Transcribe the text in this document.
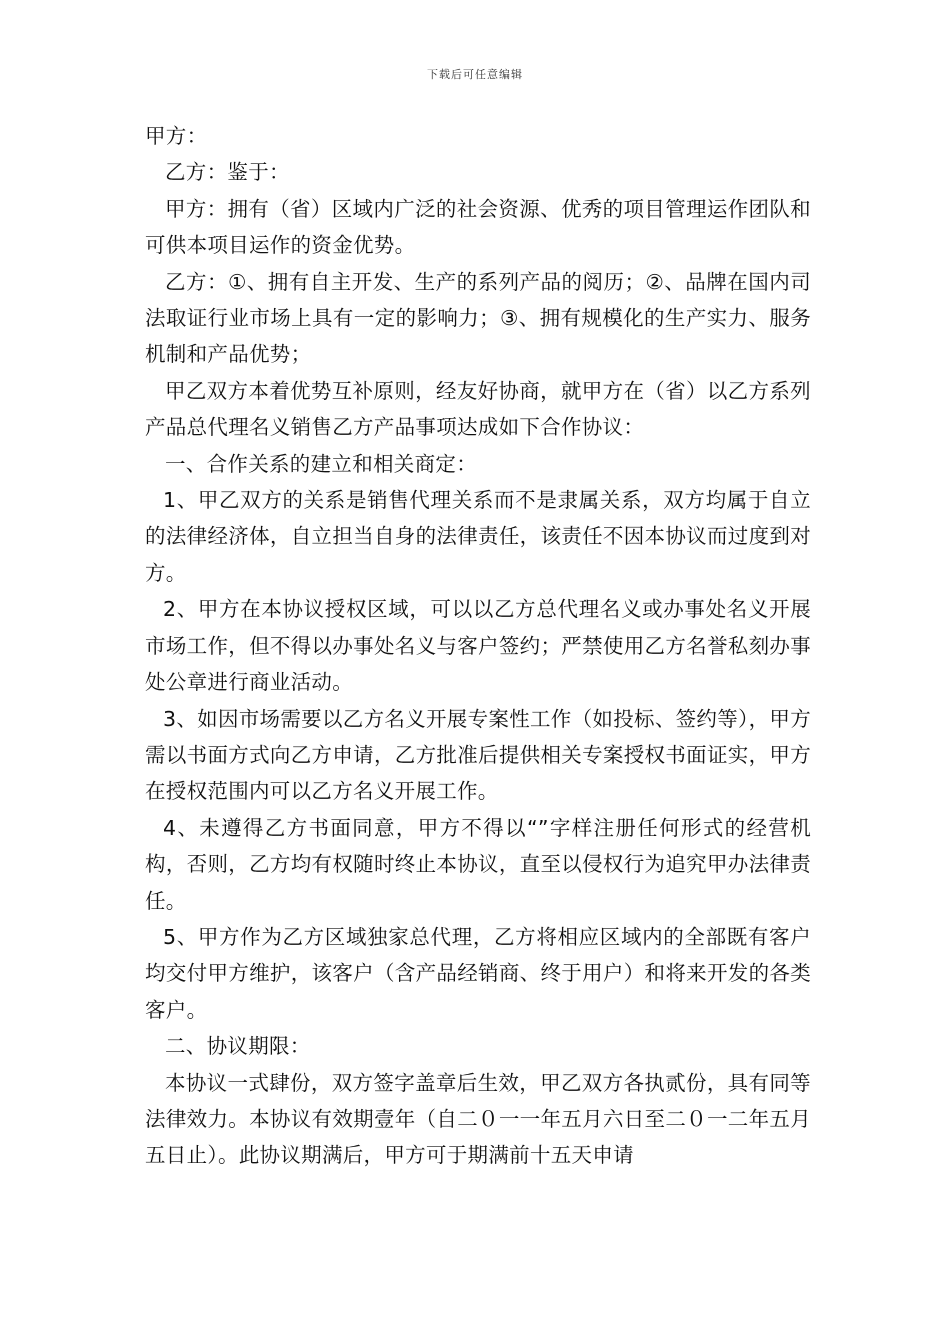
下载后可任意编辑

甲方：

乙方：鉴于：

甲方：拥有（省）区域内广泛的社会资源、优秀的项目管理运作团队和可供本项目运作的资金优势。

乙方：①、拥有自主开发、生产的系列产品的阅历；②、品牌在国内司法取证行业市场上具有一定的影响力；③、拥有规模化的生产实力、服务机制和产品优势；

甲乙双方本着优势互补原则，经友好协商，就甲方在（省）以乙方系列产品总代理名义销售乙方产品事项达成如下合作协议：

一、合作关系的建立和相关商定：

1、甲乙双方的关系是销售代理关系而不是隶属关系，双方均属于自立的法律经济体，自立担当自身的法律责任，该责任不因本协议而过度到对方。

2、甲方在本协议授权区域，可以以乙方总代理名义或办事处名义开展市场工作，但不得以办事处名义与客户签约；严禁使用乙方名誉私刻办事处公章进行商业活动。

3、如因市场需要以乙方名义开展专案性工作（如投标、签约等），甲方需以书面方式向乙方申请，乙方批准后提供相关专案授权书面证实，甲方在授权范围内可以乙方名义开展工作。

4、未遵得乙方书面同意，甲方不得以“”字样注册任何形式的经营机构，否则，乙方均有权随时终止本协议，直至以侵权行为追究甲办法律责任。

5、甲方作为乙方区域独家总代理，乙方将相应区域内的全部既有客户均交付甲方维护，该客户（含产品经销商、终于用户）和将来开发的各类客户。

二、协议期限：

本协议一式肆份，双方签字盖章后生效，甲乙双方各执贰份，具有同等法律效力。本协议有效期壹年（自二０一一年五月六日至二０一二年五月五日止）。此协议期满后，甲方可于期满前十五天申请
